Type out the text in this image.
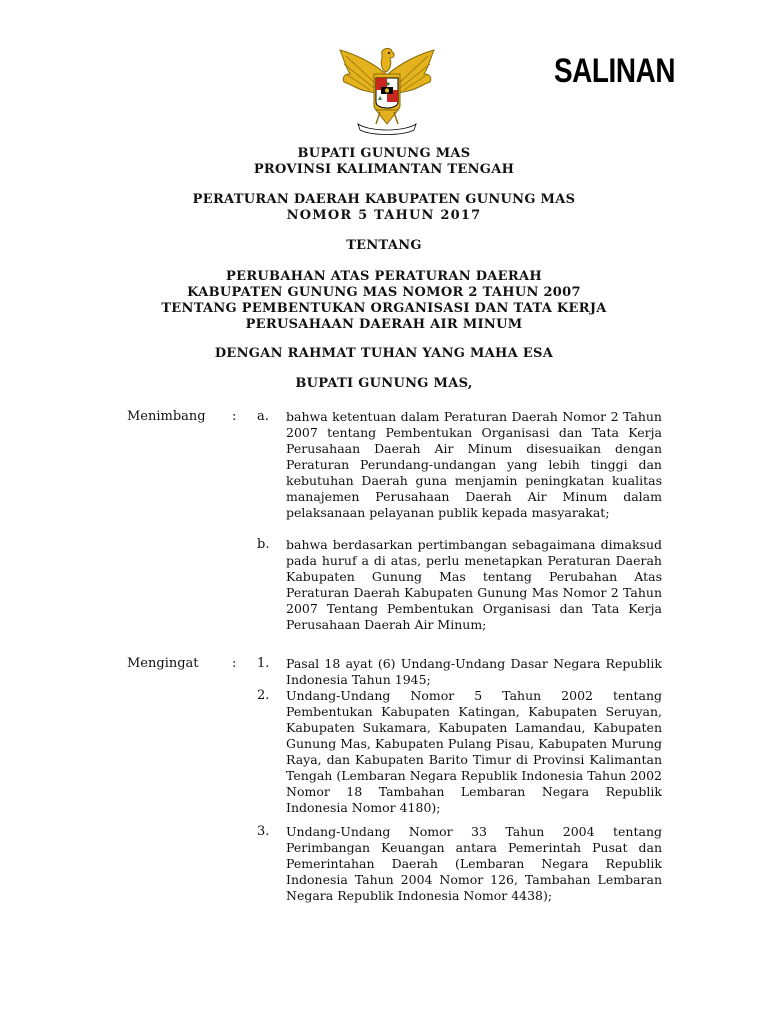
SALINAN
BUPATI GUNUNG MAS
PROVINSI KALIMANTAN TENGAH
PERATURAN DAERAH KABUPATEN GUNUNG MAS
NOMOR 5 TAHUN 2017
TENTANG
PERUBAHAN ATAS PERATURAN DAERAH
KABUPATEN GUNUNG MAS NOMOR 2 TAHUN 2007
TENTANG PEMBENTUKAN ORGANISASI DAN TATA KERJA
PERUSAHAAN DAERAH AIR MINUM
DENGAN RAHMAT TUHAN YANG MAHA ESA
BUPATI GUNUNG MAS,
Menimbang : a. bahwa ketentuan dalam Peraturan Daerah Nomor 2 Tahun 2007 tentang Pembentukan Organisasi dan Tata Kerja Perusahaan Daerah Air Minum disesuaikan dengan Peraturan Perundang-undangan yang lebih tinggi dan kebutuhan Daerah guna menjamin peningkatan kualitas manajemen Perusahaan Daerah Air Minum dalam pelaksanaan pelayanan publik kepada masyarakat;
b. bahwa berdasarkan pertimbangan sebagaimana dimaksud pada huruf a di atas, perlu menetapkan Peraturan Daerah Kabupaten Gunung Mas tentang Perubahan Atas Peraturan Daerah Kabupaten Gunung Mas Nomor 2 Tahun 2007 Tentang Pembentukan Organisasi dan Tata Kerja Perusahaan Daerah Air Minum;
Mengingat	: 1. Pasal 18 ayat (6) Undang-Undang Dasar Negara Republik Indonesia Tahun 1945;
2. Undang-Undang Nomor 5 Tahun 2002 tentang Pembentukan Kabupaten Katingan, Kabupaten Seruyan, Kabupaten Sukamara, Kabupaten Lamandau, Kabupaten Gunung Mas, Kabupaten Pulang Pisau, Kabupaten Murung Raya, dan Kabupaten Barito Timur di Provinsi Kalimantan Tengah (Lembaran Negara Republik Indonesia Tahun 2002 Nomor 18 Tambahan Lembaran Negara Republik Indonesia Nomor 4180);
3. Undang-Undang Nomor 33 Tahun 2004 tentang Perimbangan Keuangan antara Pemerintah Pusat dan Pemerintahan Daerah (Lembaran Negara Republik Indonesia Tahun 2004 Nomor 126, Tambahan Lembaran Negara Republik Indonesia Nomor 4438);
